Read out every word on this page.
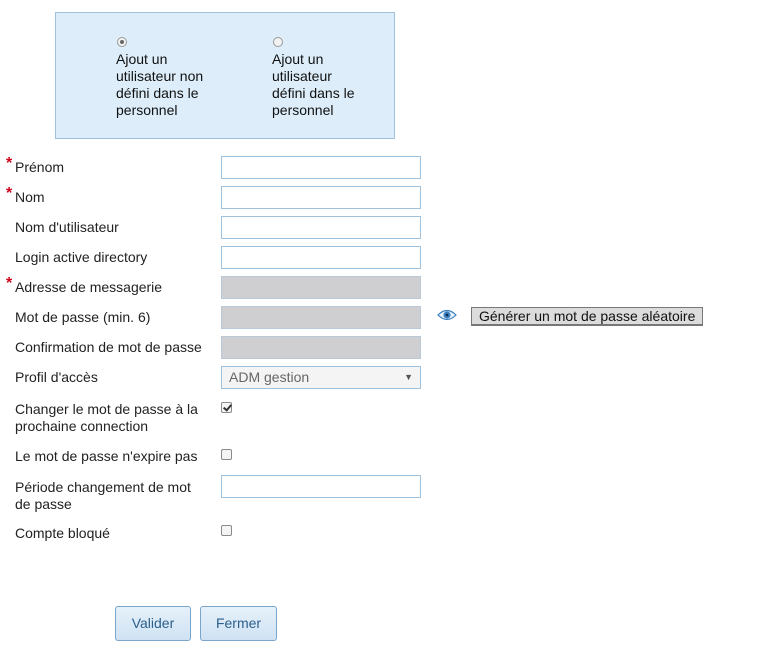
Ajout un
utilisateur non
défini dans le
personnel
Ajout un
utilisateur
défini dans le
personnel
* Prénom
* Nom
Nom d'utilisateur
Login active directory
* Adresse de messagerie
Mot de passe (min. 6)	Générer un mot de passe aléatoire
Confirmation de mot de passe
Profil d'accès	ADM gestion	▼
Changer le mot de passe à la
prochaine connection
Le mot de passe n'expire pas
Période changement de mot
de passe
Compte bloqué
Valider	Fermer
